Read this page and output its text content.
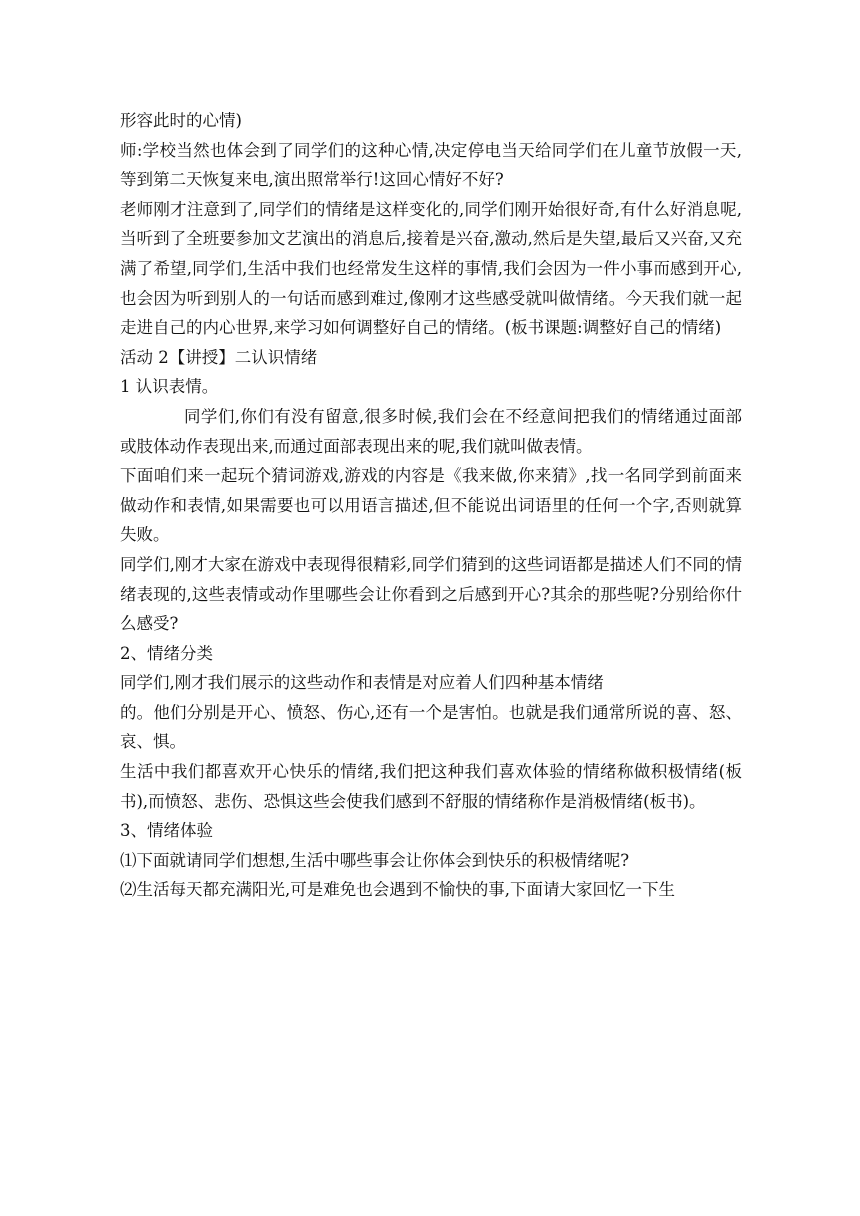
形容此时的心情)

师:学校当然也体会到了同学们的这种心情,决定停电当天给同学们在儿童节放假一天,等到第二天恢复来电,演出照常举行!这回心情好不好?

老师刚才注意到了,同学们的情绪是这样变化的,同学们刚开始很好奇,有什么好消息呢,当听到了全班要参加文艺演出的消息后,接着是兴奋,激动,然后是失望,最后又兴奋,又充满了希望,同学们,生活中我们也经常发生这样的事情,我们会因为一件小事而感到开心,也会因为听到别人的一句话而感到难过,像刚才这些感受就叫做情绪。今天我们就一起走进自己的内心世界,来学习如何调整好自己的情绪。(板书课题:调整好自己的情绪)

活动 2【讲授】二认识情绪

1 认识表情。

同学们,你们有没有留意,很多时候,我们会在不经意间把我们的情绪通过面部或肢体动作表现出来,而通过面部表现出来的呢,我们就叫做表情。

下面咱们来一起玩个猜词游戏,游戏的内容是《我来做,你来猜》,找一名同学到前面来做动作和表情,如果需要也可以用语言描述,但不能说出词语里的任何一个字,否则就算失败。

同学们,刚才大家在游戏中表现得很精彩,同学们猜到的这些词语都是描述人们不同的情绪表现的,这些表情或动作里哪些会让你看到之后感到开心?其余的那些呢?分别给你什么感受?

2、情绪分类

同学们,刚才我们展示的这些动作和表情是对应着人们四种基本情绪

的。他们分别是开心、愤怒、伤心,还有一个是害怕。也就是我们通常所说的喜、怒、哀、惧。

生活中我们都喜欢开心快乐的情绪,我们把这种我们喜欢体验的情绪称做积极情绪(板书),而愤怒、悲伤、恐惧这些会使我们感到不舒服的情绪称作是消极情绪(板书)。

3、情绪体验

⑴下面就请同学们想想,生活中哪些事会让你体会到快乐的积极情绪呢?

⑵生活每天都充满阳光,可是难免也会遇到不愉快的事,下面请大家回忆一下生
